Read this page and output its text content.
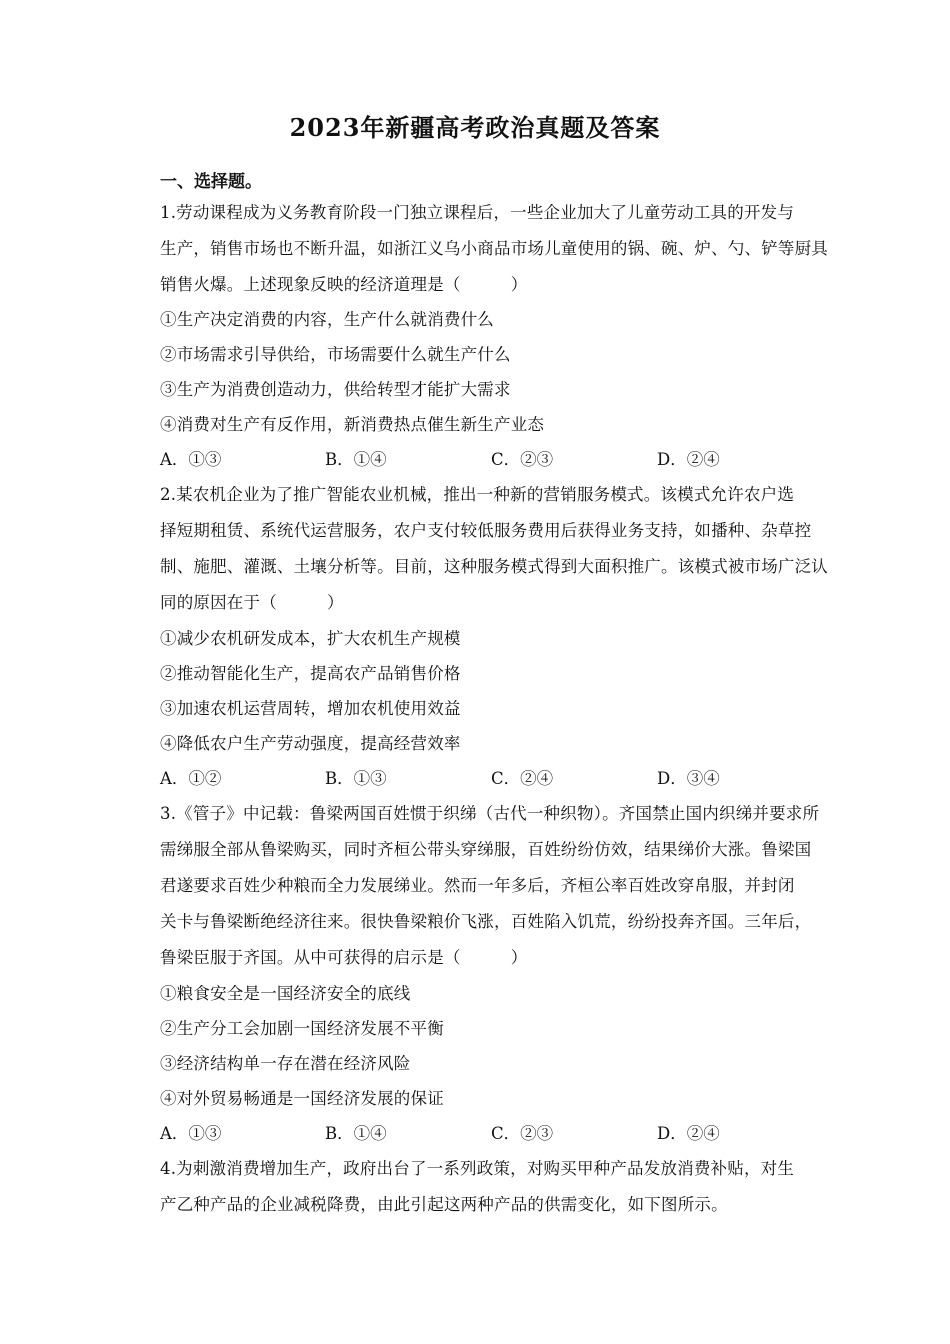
2023年新疆高考政治真题及答案
一、选择题。
1.劳动课程成为义务教育阶段一门独立课程后，一些企业加大了儿童劳动工具的开发与
生产，销售市场也不断升温，如浙江义乌小商品市场儿童使用的锅、碗、炉、勺、铲等厨具
销售火爆。上述现象反映的经济道理是（　　　）
①生产决定消费的内容，生产什么就消费什么
②市场需求引导供给，市场需要什么就生产什么
③生产为消费创造动力，供给转型才能扩大需求
④消费对生产有反作用，新消费热点催生新生产业态
A．①③	B．①④	C．②③	D．②④
2.某农机企业为了推广智能农业机械，推出一种新的营销服务模式。该模式允许农户选
择短期租赁、系统代运营服务，农户支付较低服务费用后获得业务支持，如播种、杂草控
制、施肥、灌溉、土壤分析等。目前，这种服务模式得到大面积推广。该模式被市场广泛认
同的原因在于（　　　）
①减少农机研发成本，扩大农机生产规模
②推动智能化生产，提高农产品销售价格
③加速农机运营周转，增加农机使用效益
④降低农户生产劳动强度，提高经营效率
A．①②	B．①③	C．②④	D．③④
3.《管子》中记载：鲁梁两国百姓惯于织绨（古代一种织物）。齐国禁止国内织绨并要求所
需绨服全部从鲁梁购买，同时齐桓公带头穿绨服，百姓纷纷仿效，结果绨价大涨。鲁梁国
君遂要求百姓少种粮而全力发展绨业。然而一年多后，齐桓公率百姓改穿帛服，并封闭
关卡与鲁梁断绝经济往来。很快鲁梁粮价飞涨，百姓陷入饥荒，纷纷投奔齐国。三年后，
鲁梁臣服于齐国。从中可获得的启示是（　　　）
①粮食安全是一国经济安全的底线
②生产分工会加剧一国经济发展不平衡
③经济结构单一存在潜在经济风险
④对外贸易畅通是一国经济发展的保证
A．①③	B．①④	C．②③	D．②④
4.为刺激消费增加生产，政府出台了一系列政策，对购买甲种产品发放消费补贴，对生
产乙种产品的企业减税降费，由此引起这两种产品的供需变化，如下图所示。
